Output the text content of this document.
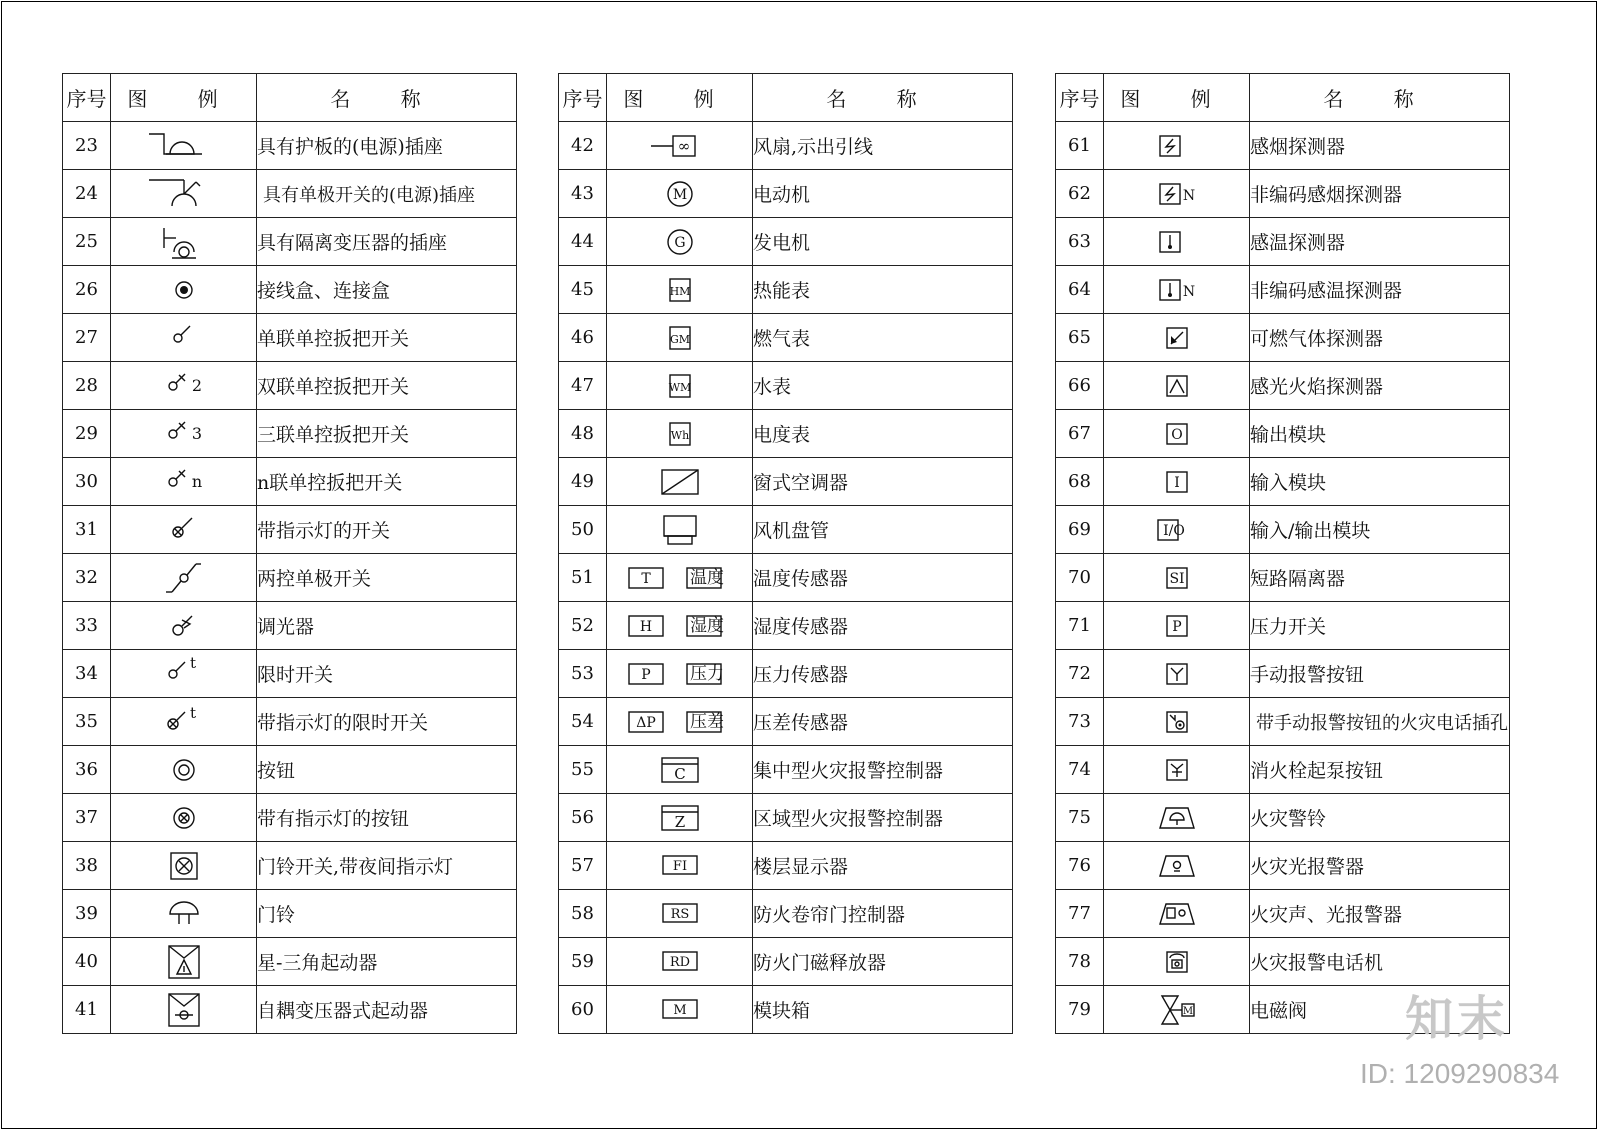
序号	图 例	名 称
23		具有护板的(电源)插座
24		具有单极开关的(电源)插座
25		具有隔离变压器的插座
26		接线盒、连接盒
27		单联单控扳把开关
28	2	双联单控扳把开关
29	3	三联单控扳把开关
30	n	n联单控扳把开关
31		带指示灯的开关
32		两控单极开关
33		调光器
34	t	限时开关
35	t	带指示灯的限时开关
36		按钮
37		带有指示灯的按钮
38		门铃开关,带夜间指示灯
39		门铃
40		星-三角起动器
41		自耦变压器式起动器
序号	图 例	名 称
42	∞	风扇,示出引线
43	M	电动机
44	G	发电机
45	HM	热能表
46	GM	燃气表
47	WM	水表
48	Wh	电度表
49		窗式空调器
50		风机盘管
51	T 温度	温度传感器
52	H 湿度	湿度传感器
53	P 压力	压力传感器
54	ΔP 压差	压差传感器
55	C	集中型火灾报警控制器
56	Z	区域型火灾报警控制器
57	FI	楼层显示器
58	RS	防火卷帘门控制器
59	RD	防火门磁释放器
60	M	模块箱
序号	图 例	名 称
61		感烟探测器
62	N	非编码感烟探测器
63		感温探测器
64	N	非编码感温探测器
65		可燃气体探测器
66		感光火焰探测器
67	O	输出模块
68	I	输入模块
69	I/O	输入/输出模块
70	SI	短路隔离器
71	P	压力开关
72		手动报警按钮
73		带手动报警按钮的火灾电话插孔
74		消火栓起泵按钮
75		火灾警铃
76		火灾光报警器
77		火灾声、光报警器
78		火灾报警电话机
79	M	电磁阀 知末
ID: 1209290834
